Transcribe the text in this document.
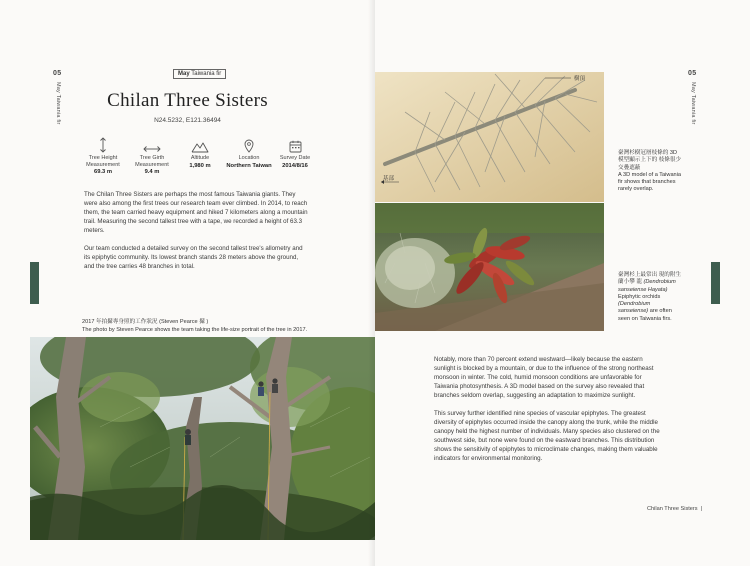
05
May Taiwania fir
May Taiwania fir
Chilan Three Sisters
N24.5232, E121.36494
Tree Height
Measurement
69.3 m
Tree Girth
Measurement
9.4 m
Altitude
1,980 m
Location
Northern Taiwan
Survey Date
2014/8/16

The Chilan Three Sisters are perhaps the most famous Taiwania giants. They were also among the first trees our research team ever climbed. In 2014, to reach them, the team carried heavy equipment and hiked 7 kilometers along a mountain trail. Measuring the second tallest tree with a tape, we recorded a height of 63.3 meters.

Our team conducted a detailed survey on the second tallest tree's allometry and its epiphytic community. Its lowest branch stands 28 meters above the ground, and the tree carries 48 branches in total.

2017 年拍攝專身照的工作狀況 (Steven Pearce 攝 )
The photo by Steven Pearce shows the team taking the life-size portrait of the tree in 2017.
05
May Taiwania fir
樹頂
基部
臺灣杉樹冠層枝條的 3D 模型顯示上下的 枝條很少交疊遮蔽
A 3D model of a Taiwania fir shows that branches rarely overlap.
臺灣杉上最常出 現的附生蘭小攀 龍 (Dendrobium sanseiense Hayata)
Epiphytic orchids (Dendrobium sanseiense) are often seen on Taiwania firs.

Notably, more than 70 percent extend westward—likely because the eastern sunlight is blocked by a mountain, or due to the influence of the strong northeast monsoon in winter. The cold, humid monsoon conditions are unfavorable for Taiwania photosynthesis. A 3D model based on the survey also revealed that branches seldom overlap, suggesting an adaptation to maximize sunlight.

This survey further identified nine species of vascular epiphytes. The greatest diversity of epiphytes occurred inside the canopy along the trunk, while the middle canopy held the highest number of individuals. Many species also clustered on the southwest side, but none were found on the eastward branches. This distribution shows the sensitivity of epiphytes to microclimate changes, making them valuable indicators for environmental monitoring.

Chilan Three Sisters |
